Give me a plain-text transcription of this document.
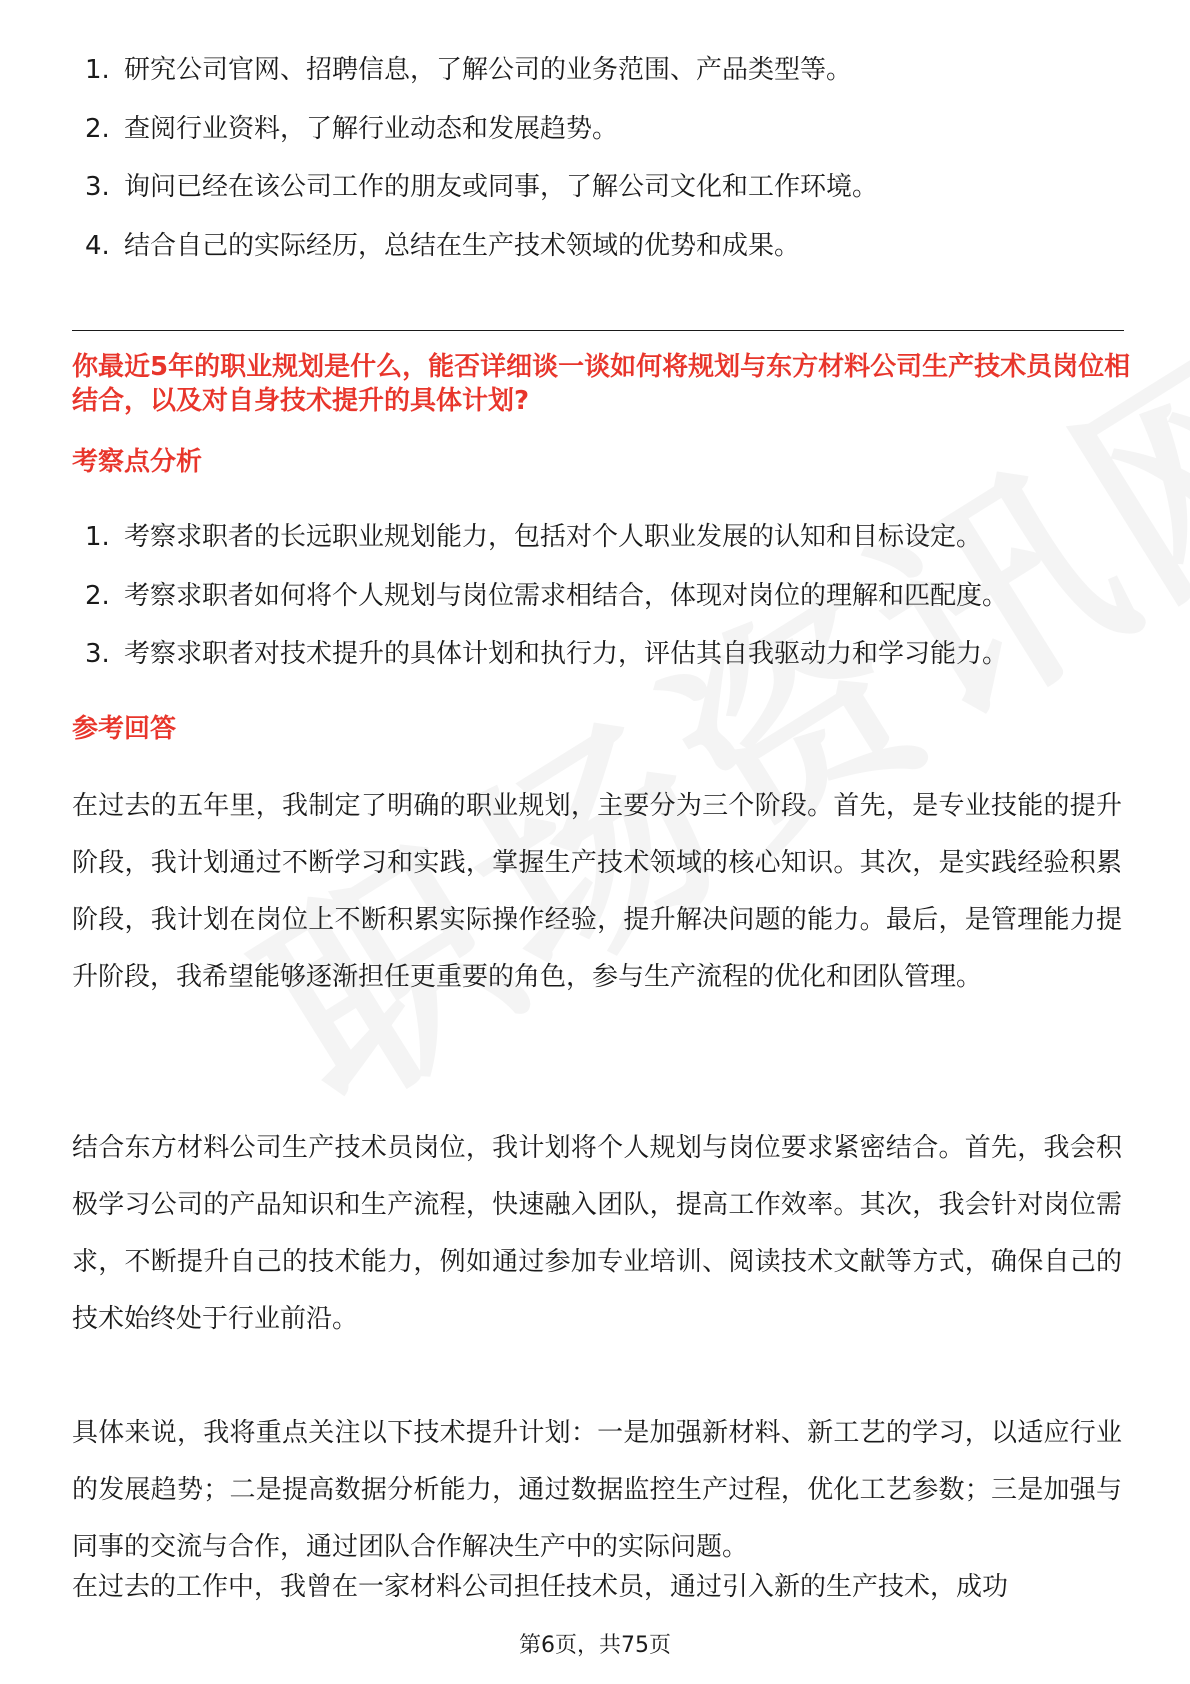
1. 研究公司官网、招聘信息，了解公司的业务范围、产品类型等。
2. 查阅行业资料，了解行业动态和发展趋势。
3. 询问已经在该公司工作的朋友或同事，了解公司文化和工作环境。
4. 结合自己的实际经历，总结在生产技术领域的优势和成果。
你最近5年的职业规划是什么，能否详细谈一谈如何将规划与东方材料公司生产技术员岗位相结合，以及对自身技术提升的具体计划?
考察点分析
1. 考察求职者的长远职业规划能力，包括对个人职业发展的认知和目标设定。
2. 考察求职者如何将个人规划与岗位需求相结合，体现对岗位的理解和匹配度。
3. 考察求职者对技术提升的具体计划和执行力，评估其自我驱动力和学习能力。
参考回答

在过去的五年里，我制定了明确的职业规划，主要分为三个阶段。首先，是专业技能的提升阶段，我计划通过不断学习和实践，掌握生产技术领域的核心知识。其次，是实践经验积累阶段，我计划在岗位上不断积累实际操作经验，提升解决问题的能力。最后，是管理能力提升阶段，我希望能够逐渐担任更重要的角色，参与生产流程的优化和团队管理。

结合东方材料公司生产技术员岗位，我计划将个人规划与岗位要求紧密结合。首先，我会积极学习公司的产品知识和生产流程，快速融入团队，提高工作效率。其次，我会针对岗位需求，不断提升自己的技术能力，例如通过参加专业培训、阅读技术文献等方式，确保自己的技术始终处于行业前沿。

具体来说，我将重点关注以下技术提升计划：一是加强新材料、新工艺的学习，以适应行业的发展趋势；二是提高数据分析能力，通过数据监控生产过程，优化工艺参数；三是加强与同事的交流与合作，通过团队合作解决生产中的实际问题。

在过去的工作中，我曾在一家材料公司担任技术员，通过引入新的生产技术，成功

第6页，共75页
